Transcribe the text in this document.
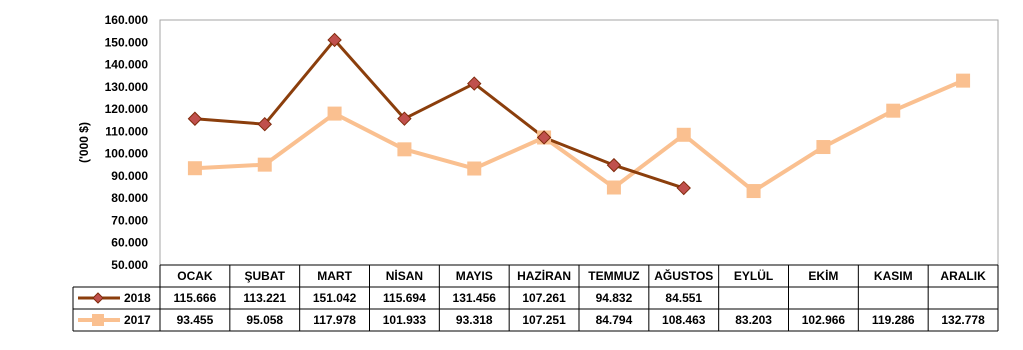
50.000
60.000
70.000
80.000
90.000
100.000
110.000
120.000
130.000
140.000
150.000
160.000
('000 $)
OCAK	ŞUBAT	MART	NİSAN	MAYIS HAZİRAN TEMMUZ AĞUSTOS EYLÜL	EKİM	KASIM ARALIK
2018
2017
115.666 113.221 151.042 115.694 131.456 107.261 94.832	84.551
93.455	95.058	117.978 101.933 93.318 107.251 84.794 108.463 83.203 102.966 119.286 132.778
